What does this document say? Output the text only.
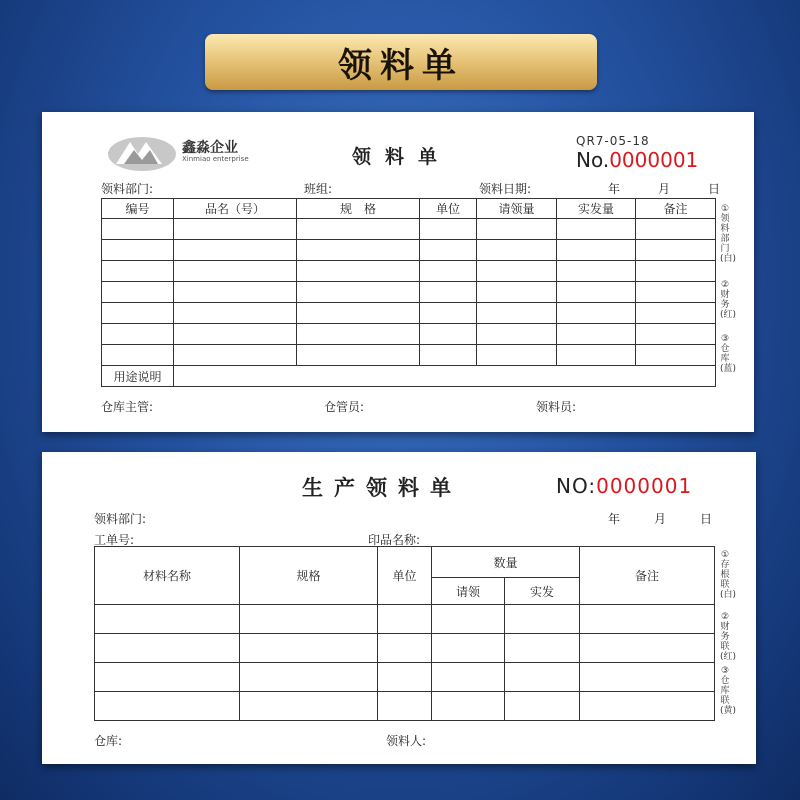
领料单
鑫淼企业
Xinmiao enterprise	领料单
QR7-05-18
No.0000001
领料部门:	班组:	领料日期:	年	月	日
编号	品名（号）	规　格	单位	请领量	实发量	备注

用途说明						
仓库主管:	仓管员:	领料员:
①领料部门(白)
②财务(红)
③仓库(蓝)
生产领料单	NO:0000001
领料部门:	年	月	日
工单号:	印品名称:
材料名称	规格	单位	数量		备注
			请领	实发	

仓库:	领料人:
①存根联(白)
②财务联(红)
③仓库联(黄)
